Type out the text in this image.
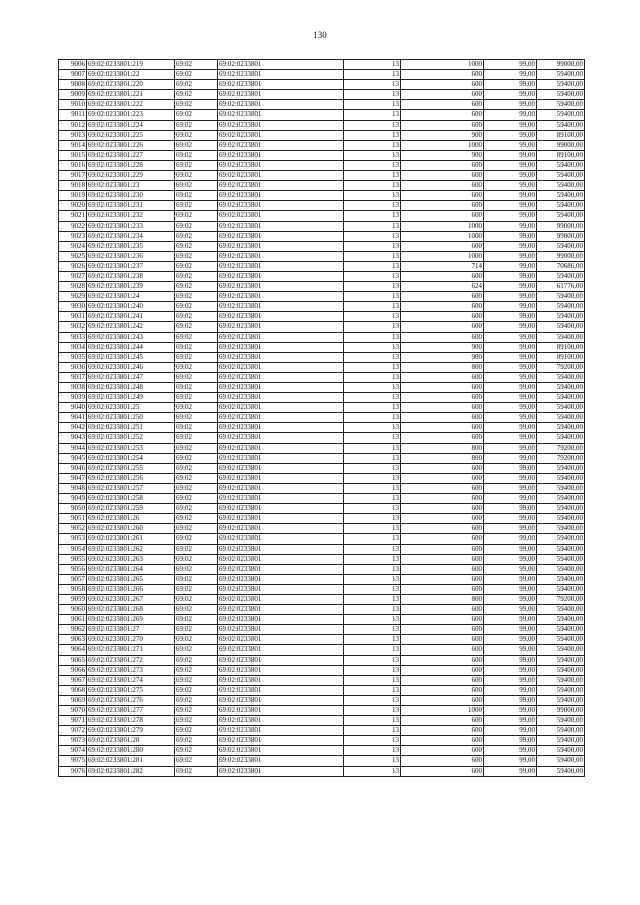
130
9006	69:02:0233801:219	69:02	69:02:0233801	13	1000	99,00	99000,00
9007	69:02:0233801:22	69:02	69:02:0233801	13	600	99,00	59400,00
9008	69:02:0233801:220	69:02	69:02:0233801	13	600	99,00	59400,00
9009	69:02:0233801:221	69:02	69:02:0233801	13	600	99,00	59400,00
9010	69:02:0233801:222	69:02	69:02:0233801	13	600	99,00	59400,00
9011	69:02:0233801:223	69:02	69:02:0233801	13	600	99,00	59400,00
9012	69:02:0233801:224	69:02	69:02:0233801	13	600	99,00	59400,00
9013	69:02:0233801:225	69:02	69:02:0233801	13	900	99,00	89100,00
9014	69:02:0233801:226	69:02	69:02:0233801	13	1000	99,00	99000,00
9015	69:02:0233801:227	69:02	69:02:0233801	13	900	99,00	89100,00
9016	69:02:0233801:228	69:02	69:02:0233801	13	600	99,00	59400,00
9017	69:02:0233801:229	69:02	69:02:0233801	13	600	99,00	59400,00
9018	69:02:0233801:23	69:02	69:02:0233801	13	600	99,00	59400,00
9019	69:02:0233801:230	69:02	69:02:0233801	13	600	99,00	59400,00
9020	69:02:0233801:231	69:02	69:02:0233801	13	600	99,00	59400,00
9021	69:02:0233801:232	69:02	69:02:0233801	13	600	99,00	59400,00
9022	69:02:0233801:233	69:02	69:02:0233801	13	1000	99,00	99000,00
9023	69:02:0233801:234	69:02	69:02:0233801	13	1000	99,00	99000,00
9024	69:02:0233801:235	69:02	69:02:0233801	13	600	99,00	59400,00
9025	69:02:0233801:236	69:02	69:02:0233801	13	1000	99,00	99000,00
9026	69:02:0233801:237	69:02	69:02:0233801	13	714	99,00	70686,00
9027	69:02:0233801:238	69:02	69:02:0233801	13	600	99,00	59400,00
9028	69:02:0233801:239	69:02	69:02:0233801	13	624	99,00	61776,00
9029	69:02:0233801:24	69:02	69:02:0233801	13	600	99,00	59400,00
9030	69:02:0233801:240	69:02	69:02:0233801	13	600	99,00	59400,00
9031	69:02:0233801:241	69:02	69:02:0233801	13	600	99,00	59400,00
9032	69:02:0233801:242	69:02	69:02:0233801	13	600	99,00	59400,00
9033	69:02:0233801:243	69:02	69:02:0233801	13	600	99,00	59400,00
9034	69:02:0233801:244	69:02	69:02:0233801	13	900	99,00	89100,00
9035	69:02:0233801:245	69:02	69:02:0233801	13	900	99,00	89100,00
9036	69:02:0233801:246	69:02	69:02:0233801	13	800	99,00	79200,00
9037	69:02:0233801:247	69:02	69:02:0233801	13	600	99,00	59400,00
9038	69:02:0233801:248	69:02	69:02:0233801	13	600	99,00	59400,00
9039	69:02:0233801:249	69:02	69:02:0233801	13	600	99,00	59400,00
9040	69:02:0233801:25	69:02	69:02:0233801	13	600	99,00	59400,00
9041	69:02:0233801:250	69:02	69:02:0233801	13	600	99,00	59400,00
9042	69:02:0233801:251	69:02	69:02:0233801	13	600	99,00	59400,00
9043	69:02:0233801:252	69:02	69:02:0233801	13	600	99,00	59400,00
9044	69:02:0233801:253	69:02	69:02:0233801	13	800	99,00	79200,00
9045	69:02:0233801:254	69:02	69:02:0233801	13	800	99,00	79200,00
9046	69:02:0233801:255	69:02	69:02:0233801	13	600	99,00	59400,00
9047	69:02:0233801:256	69:02	69:02:0233801	13	600	99,00	59400,00
9048	69:02:0233801:257	69:02	69:02:0233801	13	600	99,00	59400,00
9049	69:02:0233801:258	69:02	69:02:0233801	13	600	99,00	59400,00
9050	69:02:0233801:259	69:02	69:02:0233801	13	600	99,00	59400,00
9051	69:02:0233801:26	69:02	69:02:0233801	13	600	99,00	59400,00
9052	69:02:0233801:260	69:02	69:02:0233801	13	600	99,00	59400,00
9053	69:02:0233801:261	69:02	69:02:0233801	13	600	99,00	59400,00
9054	69:02:0233801:262	69:02	69:02:0233801	13	600	99,00	59400,00
9055	69:02:0233801:263	69:02	69:02:0233801	13	600	99,00	59400,00
9056	69:02:0233801:264	69:02	69:02:0233801	13	600	99,00	59400,00
9057	69:02:0233801:265	69:02	69:02:0233801	13	600	99,00	59400,00
9058	69:02:0233801:266	69:02	69:02:0233801	13	600	99,00	59400,00
9059	69:02:0233801:267	69:02	69:02:0233801	13	800	99,00	79200,00
9060	69:02:0233801:268	69:02	69:02:0233801	13	600	99,00	59400,00
9061	69:02:0233801:269	69:02	69:02:0233801	13	600	99,00	59400,00
9062	69:02:0233801:27	69:02	69:02:0233801	13	600	99,00	59400,00
9063	69:02:0233801:270	69:02	69:02:0233801	13	600	99,00	59400,00
9064	69:02:0233801:271	69:02	69:02:0233801	13	600	99,00	59400,00
9065	69:02:0233801:272	69:02	69:02:0233801	13	600	99,00	59400,00
9066	69:02:0233801:273	69:02	69:02:0233801	13	600	99,00	59400,00
9067	69:02:0233801:274	69:02	69:02:0233801	13	600	99,00	59400,00
9068	69:02:0233801:275	69:02	69:02:0233801	13	600	99,00	59400,00
9069	69:02:0233801:276	69:02	69:02:0233801	13	600	99,00	59400,00
9070	69:02:0233801:277	69:02	69:02:0233801	13	1000	99,00	99000,00
9071	69:02:0233801:278	69:02	69:02:0233801	13	600	99,00	59400,00
9072	69:02:0233801:279	69:02	69:02:0233801	13	600	99,00	59400,00
9073	69:02:0233801:28	69:02	69:02:0233801	13	600	99,00	59400,00
9074	69:02:0233801:280	69:02	69:02:0233801	13	600	99,00	59400,00
9075	69:02:0233801:281	69:02	69:02:0233801	13	600	99,00	59400,00
9076	69:02:0233801:282	69:02	69:02:0233801	13	600	99,00	59400,00
